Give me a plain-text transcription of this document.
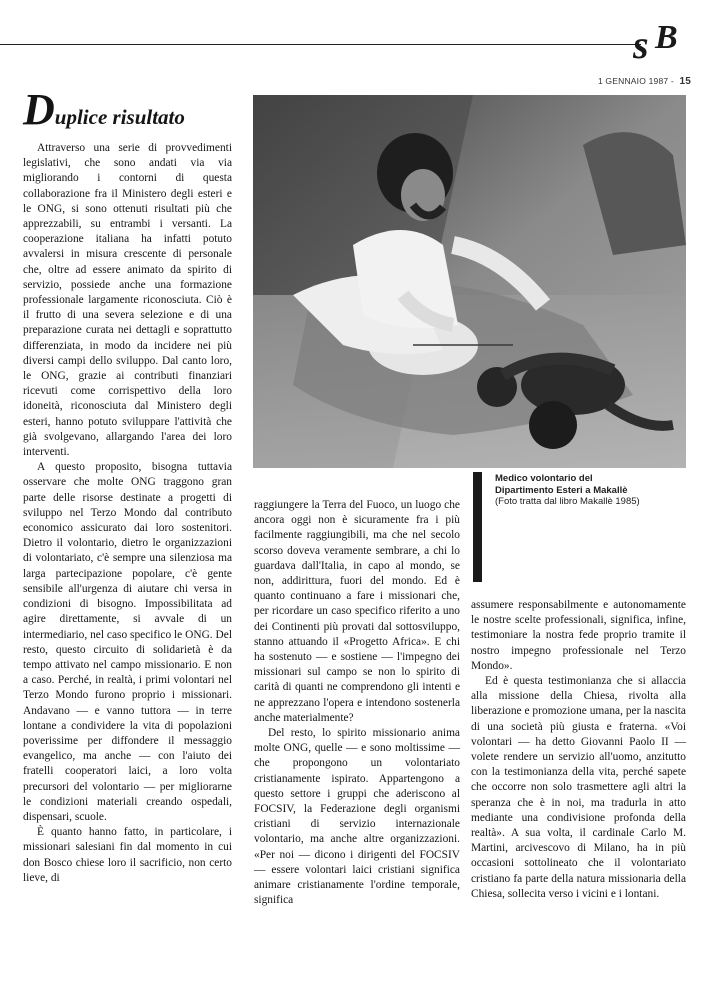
s B
1 GENNAIO 1987 - 15
Duplice risultato

Attraverso una serie di provvedimenti legislativi, che sono andati via via migliorando i contorni di questa collaborazione fra il Ministero degli esteri e le ONG, si sono ottenuti risultati più che apprezzabili, su entrambi i versanti. La cooperazione italiana ha infatti potuto avvalersi in misura crescente di personale che, oltre ad essere animato da spirito di servizio, possiede anche una formazione professionale largamente riconosciuta. Ciò è il frutto di una severa selezione e di una preparazione curata nei dettagli e soprattutto differenziata, in modo da incidere nei più diversi campi dello sviluppo. Dal canto loro, le ONG, grazie ai contributi finanziari ricevuti come corrispettivo della loro idoneità, riconosciuta dal Ministero degli esteri, hanno potuto sviluppare l'attività che già svolgevano, allargando l'area dei loro interventi.

A questo proposito, bisogna tuttavia osservare che molte ONG traggono gran parte delle risorse destinate a progetti di sviluppo nel Terzo Mondo dal contributo economico assicurato dai loro sostenitori. Dietro il volontario, dietro le organizzazioni di volontariato, c'è sempre una silenziosa ma larga partecipazione popolare, c'è gente sensibile all'urgenza di aiutare chi versa in condizioni di bisogno. Impossibilitata ad agire direttamente, si avvale di un intermediario, nel caso specifico le ONG. Del resto, questo circuito di solidarietà è da tempo attivato nel campo missionario. E non a caso. Perché, in realtà, i primi volontari nel Terzo Mondo furono proprio i missionari. Andavano — e vanno tuttora — in terre lontane a condividere la vita di popolazioni poverissime per diffondere il messaggio evangelico, ma anche — con l'aiuto dei fratelli cooperatori laici, a loro volta precursori del volontario — per migliorarne le condizioni materiali creando ospedali, dispensari, scuole.

È quanto hanno fatto, in particolare, i missionari salesiani fin dal momento in cui don Bosco chiese loro il sacrificio, non certo lieve, di

Medico volontario del Dipartimento Esteri a Makallè
(Foto tratta dal libro Makallè 1985)

raggiungere la Terra del Fuoco, un luogo che ancora oggi non è sicuramente fra i più facilmente raggiungibili, ma che nel secolo scorso doveva veramente sembrare, a chi lo guardava dall'Italia, in capo al mondo, se non, addirittura, fuori del mondo. Ed è quanto continuano a fare i missionari che, per ricordare un caso specifico riferito a uno dei Continenti più provati dal sottosviluppo, stanno attuando il «Progetto Africa». E chi ha sostenuto — e sostiene — l'impegno dei missionari sul campo se non lo spirito di carità di quanti ne comprendono gli intenti e ne apprezzano l'opera e intendono sostenerla anche materialmente?

Del resto, lo spirito missionario anima molte ONG, quelle — e sono moltissime — che propongono un volontariato cristianamente ispirato. Appartengono a questo settore i gruppi che aderiscono al FOCSIV, la Federazione degli organismi cristiani di servizio internazionale volontario, ma anche altre organizzazioni. «Per noi — dicono i dirigenti del FOCSIV — essere volontari laici cristiani significa animare cristianamente l'ordine temporale, significa

assumere responsabilmente e autonomamente le nostre scelte professionali, significa, infine, testimoniare la nostra fede proprio tramite il nostro impegno professionale nel Terzo Mondo».

Ed è questa testimonianza che si allaccia alla missione della Chiesa, rivolta alla liberazione e promozione umana, per la nascita di una società più giusta e fraterna. «Voi volontari — ha detto Giovanni Paolo II — volete rendere un servizio all'uomo, anzitutto con la testimonianza della vita, perché sapete che occorre non solo trasmettere agli altri la speranza che è in noi, ma tradurla in atto mediante una condivisione profonda della realtà». A sua volta, il cardinale Carlo M. Martini, arcivescovo di Milano, ha in più occasioni sottolineato che il volontariato cristiano fa parte della natura missionaria della Chiesa, sollecita verso i vicini e i lontani.
